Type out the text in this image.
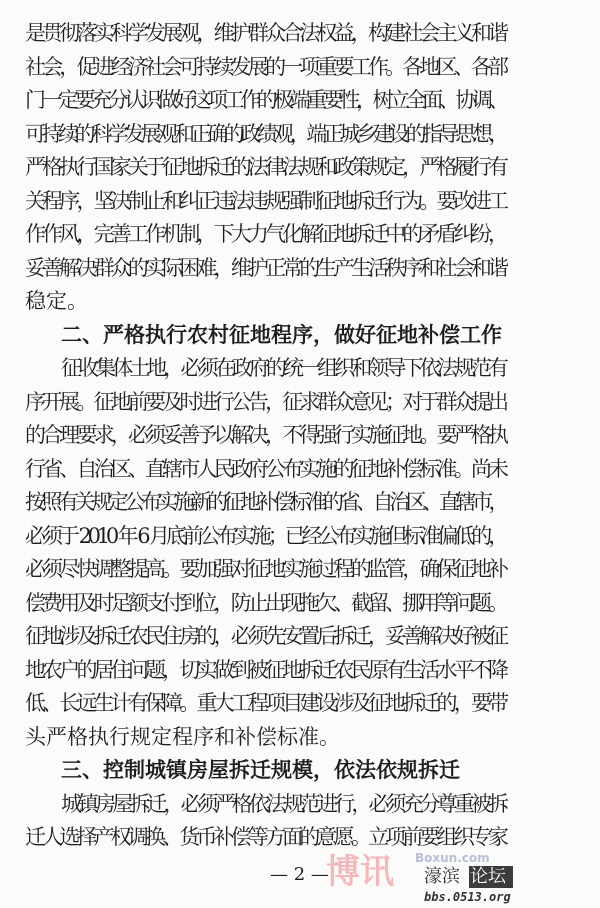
是贯彻落实科学发展观，维护群众合法权益，构建社会主义和谐
社会，促进经济社会可持续发展的一项重要工作。各地区、各部
门一定要充分认识做好这项工作的极端重要性，树立全面、协调、
可持续的科学发展观和正确的政绩观，端正城乡建设的指导思想，
严格执行国家关于征地拆迁的法律法规和政策规定，严格履行有
关程序，坚决制止和纠正违法违规强制征地拆迁行为。要改进工
作作风，完善工作机制，下大力气化解征地拆迁中的矛盾纠纷，
妥善解决群众的实际困难，维护正常的生产生活秩序和社会和谐
稳定。
二、严格执行农村征地程序，做好征地补偿工作
征收集体土地，必须在政府的统一组织和领导下依法规范有
序开展。征地前要及时进行公告，征求群众意见；对于群众提出
的合理要求，必须妥善予以解决，不得强行实施征地。要严格执
行省、自治区、直辖市人民政府公布实施的征地补偿标准。尚未
按照有关规定公布实施新的征地补偿标准的省、自治区、直辖市，
必须于 2010 年 6 月底前公布实施；已经公布实施但标准偏低的，
必须尽快调整提高。要加强对征地实施过程的监管，确保征地补
偿费用及时足额支付到位，防止出现拖欠、截留、挪用等问题。
征地涉及拆迁农民住房的，必须先安置后拆迁，妥善解决好被征
地农户的居住问题，切实做到被征地拆迁农民原有生活水平不降
低、长远生计有保障。重大工程项目建设涉及征地拆迁的，要带
头严格执行规定程序和补偿标准。
三、控制城镇房屋拆迁规模，依法依规拆迁
城镇房屋拆迁，必须严格依法规范进行，必须充分尊重被拆
迁人选择产权调换、货币补偿等方面的意愿。立项前要组织专家
— 2 —
博讯 Boxun.com
濠滨 论坛
bbs.0513.org
